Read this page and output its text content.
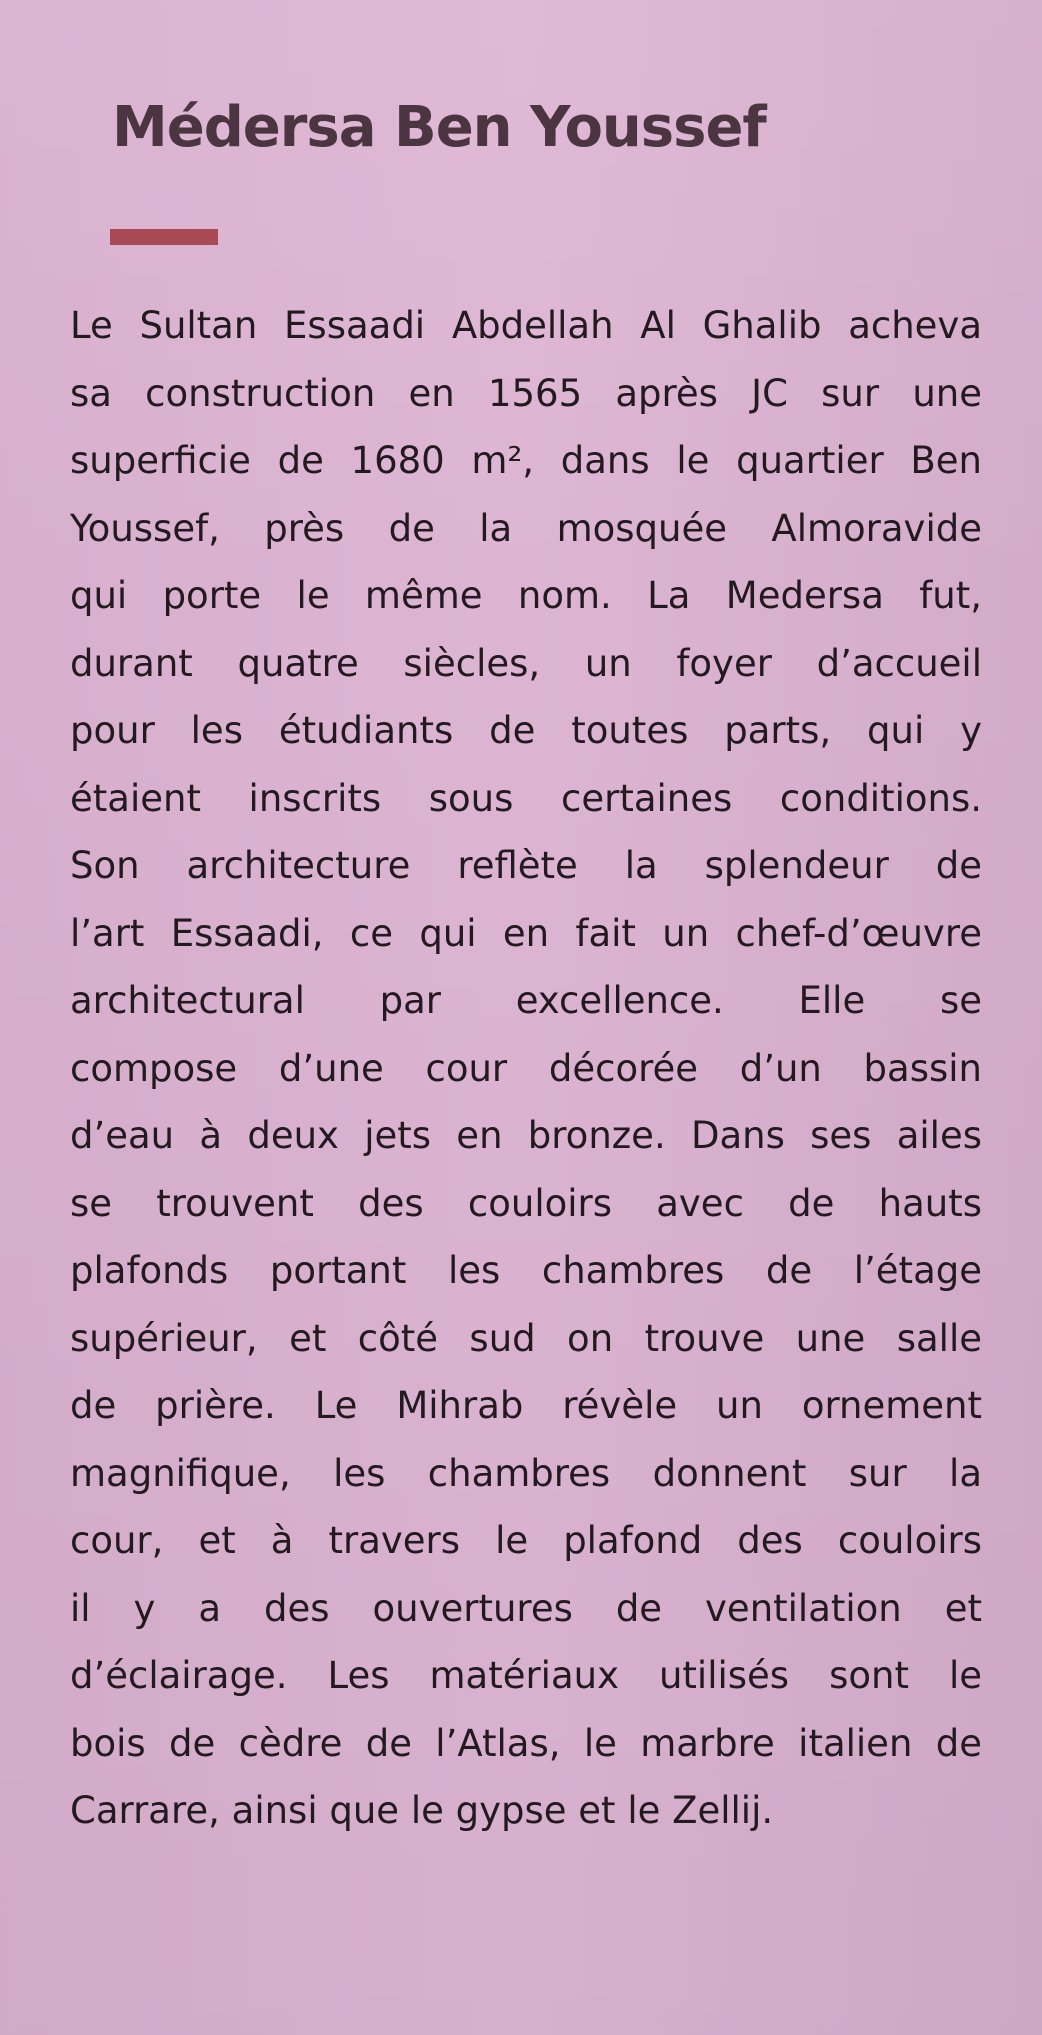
Médersa Ben Youssef
Le Sultan Essaadi Abdellah Al Ghalib acheva
sa construction en 1565 après JC sur une
superficie de 1680 m², dans le quartier Ben
Youssef, près de la mosquée Almoravide
qui porte le même nom. La Medersa fut,
durant quatre siècles, un foyer d’accueil
pour les étudiants de toutes parts, qui y
étaient inscrits sous certaines conditions.
Son architecture reflète la splendeur de
l’art Essaadi, ce qui en fait un chef-d’œuvre
architectural par excellence. Elle se
compose d’une cour décorée d’un bassin
d’eau à deux jets en bronze. Dans ses ailes
se trouvent des couloirs avec de hauts
plafonds portant les chambres de l’étage
supérieur, et côté sud on trouve une salle
de prière. Le Mihrab révèle un ornement
magnifique, les chambres donnent sur la
cour, et à travers le plafond des couloirs
il y a des ouvertures de ventilation et
d’éclairage. Les matériaux utilisés sont le
bois de cèdre de l’Atlas, le marbre italien de
Carrare, ainsi que le gypse et le Zellij.
